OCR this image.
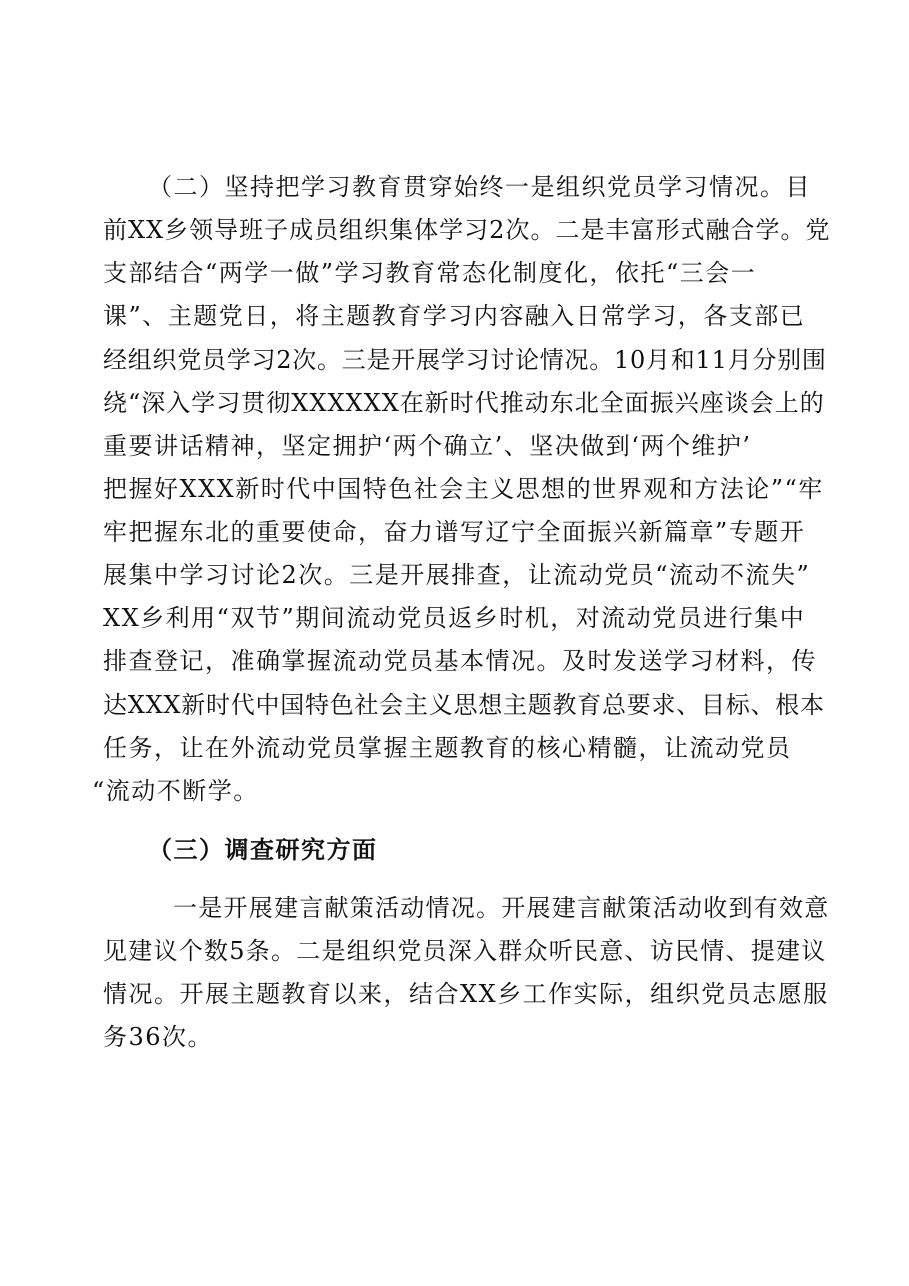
（二）坚持把学习教育贯穿始终一是组织党员学习情况。目
前XX乡领导班子成员组织集体学习2次。二是丰富形式融合学。党
支部结合“两学一做”学习教育常态化制度化，依托“三会一
课”、主题党日，将主题教育学习内容融入日常学习，各支部已
经组织党员学习2次。三是开展学习讨论情况。10月和11月分别围
绕“深入学习贯彻XXXXXX在新时代推动东北全面振兴座谈会上的
重要讲话精神，坚定拥护‘两个确立’、坚决做到‘两个维护’
把握好XXX新时代中国特色社会主义思想的世界观和方法论”“牢
牢把握东北的重要使命，奋力谱写辽宁全面振兴新篇章”专题开
展集中学习讨论2次。三是开展排查，让流动党员“流动不流失”
XX乡利用“双节”期间流动党员返乡时机，对流动党员进行集中
排查登记，准确掌握流动党员基本情况。及时发送学习材料，传
达XXX新时代中国特色社会主义思想主题教育总要求、目标、根本
任务，让在外流动党员掌握主题教育的核心精髓，让流动党员
“流动不断学。
（三）调查研究方面
一是开展建言献策活动情况。开展建言献策活动收到有效意
见建议个数5条。二是组织党员深入群众听民意、访民情、提建议
情况。开展主题教育以来，结合XX乡工作实际，组织党员志愿服
务36次。
